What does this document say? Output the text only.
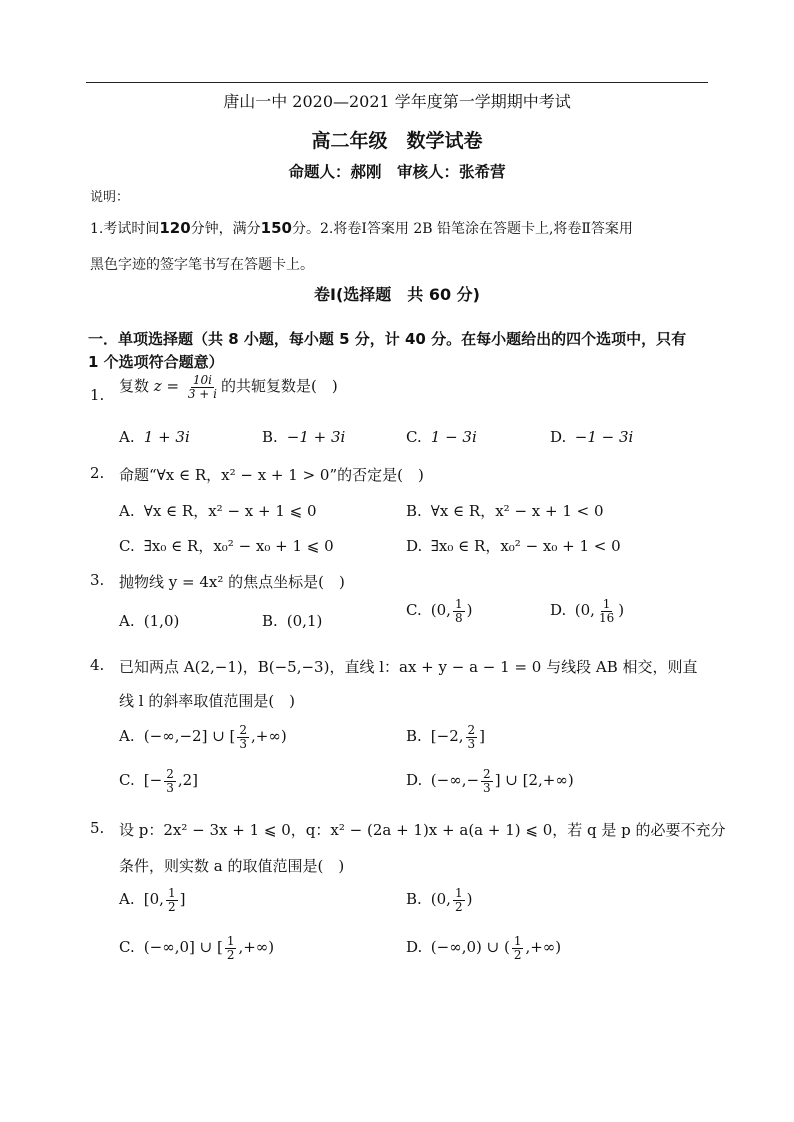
唐山一中 2020—2021 学年度第一学期期中考试
高二年级　数学试卷
命题人：郝刚　审核人：张希营
说明：
1.考试时间120分钟，满分150分。2.将卷Ⅰ答案用 2B 铅笔涂在答题卡上,将卷Ⅱ答案用
黑色字迹的签字笔书写在答题卡上。
卷Ⅰ(选择题　共 60 分)
一．单项选择题（共 8 小题，每小题 5 分，计 40 分。在每小题给出的四个选项中，只有
1 个选项符合题意）
1. 复数 $z = \frac{10i}{3 + i}$ 的共轭复数是(　)
A. 1 + 3i	B. −1 + 3i	C. 1 − 3i	D. −1 − 3i
2. 命题“∀x ∈ R，x² − x + 1 > 0”的否定是(　)
A. ∀x ∈ R，x² − x + 1 ⩽ 0	B. ∀x ∈ R，x² − x + 1 < 0
C. ∃x₀ ∈ R，x₀² − x₀ + 1 ⩽ 0	D. ∃x₀ ∈ R，x₀² − x₀ + 1 < 0
3. 抛物线 y = 4x² 的焦点坐标是(　)
A. (1,0)	B. (0,1)
C. (0, $\frac{1}{8}$ )	D. (0, $\frac{1}{16}$ )
4. 已知两点 A(2,−1)，B(−5,−3)，直线 l：ax + y − a − 1 = 0 与线段 AB 相交，则直
线 l 的斜率取值范围是(　)
A. (−∞,−2] ∪ [ $\frac{2}{3}$ ,+∞)	B. [−2, $\frac{2}{3}$ ]
C. [− $\frac{2}{3} ,2$]	D. (−∞,− $\frac{2}{3}$ ] ∪ [2,+∞)
5. 设 p：2x² − 3x + 1 ⩽ 0，q：x² − (2a + 1)x + a(a + 1) ⩽ 0，若 q 是 p 的必要不充分
条件，则实数 a 的取值范围是(　)
A. [0, $\frac{1}{2}$ ]	B. (0, $\frac{1}{2}$ )
C. (−∞,0] ∪ [ $\frac{1}{2}$ ,+∞)	D. (−∞,0) ∪ ( $\frac{1}{2}$ ,+∞)
